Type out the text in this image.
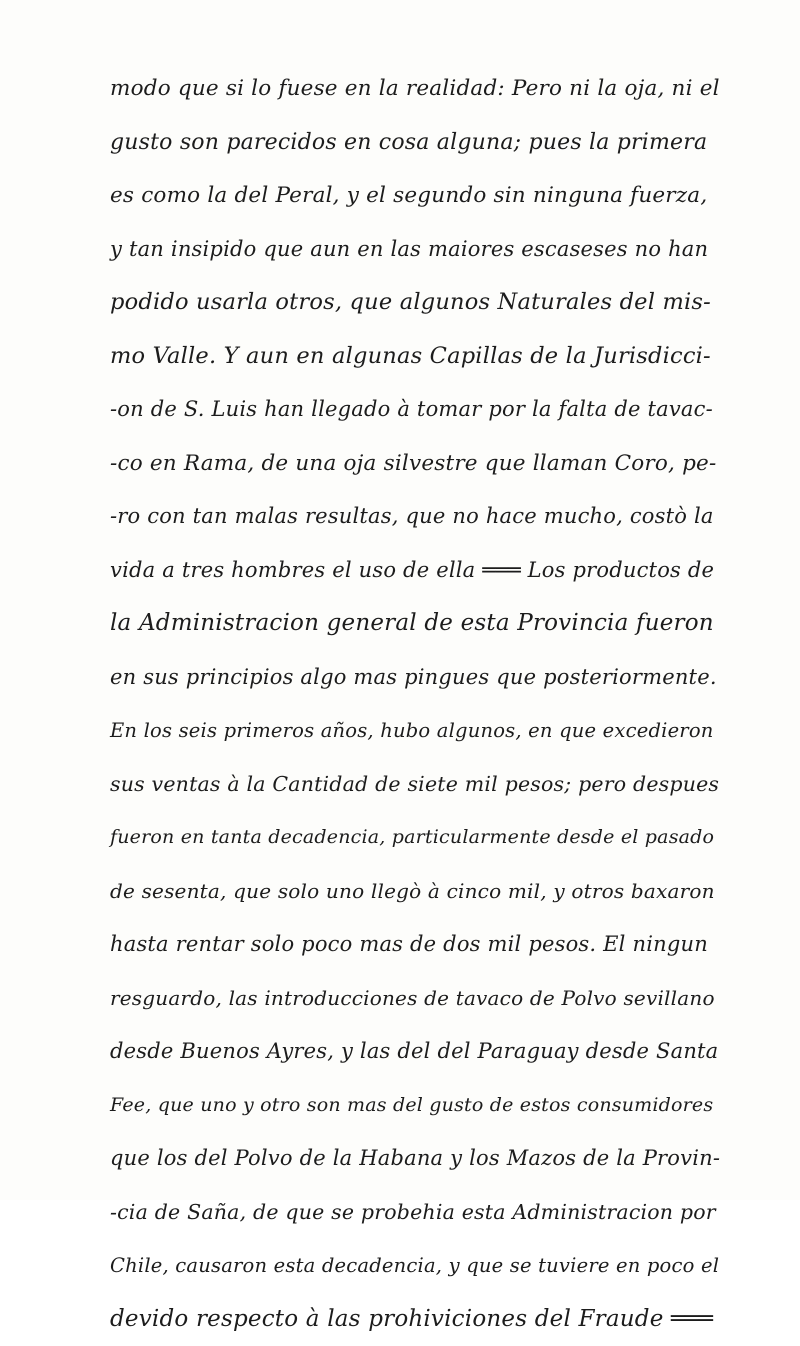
modo que si lo fuese en la realidad: Pero ni la oja, ni el
gusto son parecidos en cosa alguna; pues la primera
es como la del Peral, y el segundo sin ninguna fuerza,
y tan insipido que aun en las maiores escaseses no han
podido usarla otros, que algunos Naturales del mis-
mo Valle. Y aun en algunas Capillas de la Jurisdicci-
-on de S. Luis han llegado à tomar por la falta de tavac-
-co en Rama, de una oja silvestre que llaman Coro, pe-
-ro con tan malas resultas, que no hace mucho, costò la
vida a tres hombres el uso de ella ═══ Los productos de
la Administracion general de esta Provincia fueron
en sus principios algo mas pingues que posteriormente.
En los seis primeros años, hubo algunos, en que excedieron
sus ventas à la Cantidad de siete mil pesos; pero despues
fueron en tanta decadencia, particularmente desde el pasado
de sesenta, que solo uno llegò à cinco mil, y otros baxaron
hasta rentar solo poco mas de dos mil pesos. El ningun
resguardo, las introducciones de tavaco de Polvo sevillano
desde Buenos Ayres, y las del del Paraguay desde Santa
Fee, que uno y otro son mas del gusto de estos consumidores
que los del Polvo de la Habana y los Mazos de la Provin-
-cia de Saña, de que se probehia esta Administracion por
Chile, causaron esta decadencia, y que se tuviere en poco el
devido respecto à las prohiviciones del Fraude ═══
